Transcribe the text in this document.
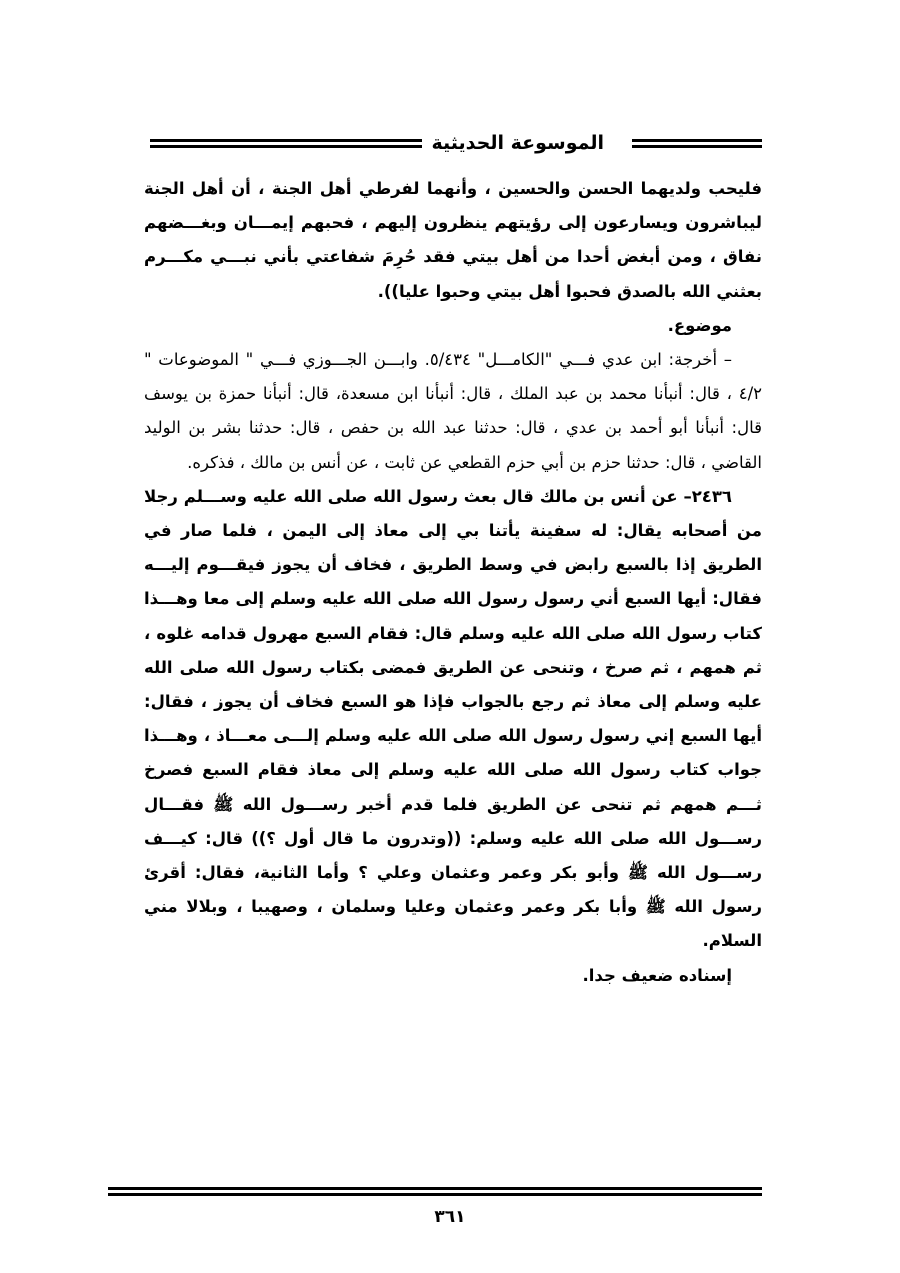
الموسوعة الحديثية

فليحب ولديهما الحسن والحسين ، وأنهما لفرطي أهل الجنة ، أن أهل الجنة ليباشرون ويسارعون إلى رؤيتهم ينظرون إليهم ، فحبهم إيمـــان وبغـــضهم نفاق ، ومن أبغض أحدا من أهل بيتي فقد حُرِمَ شفاعتي بأني نبـــي مكـــرم بعثني الله بالصدق فحبوا أهل بيتي وحبوا عليا)).

موضوع.

– أخرجة: ابن عدي فـــي "الكامـــل" ٥/٤٣٤. وابـــن الجـــوزي فـــي " الموضوعات " ٤/٢ ، قال: أنبأنا محمد بن عبد الملك ، قال: أنبأنا ابن مسعدة، قال: أنبأنا حمزة بن يوسف قال: أنبأنا أبو أحمد بن عدي ، قال: حدثنا عبد الله بن حفص ، قال: حدثنا بشر بن الوليد القاضي ، قال: حدثنا حزم بن أبي حزم القطعي عن ثابت ، عن أنس بن مالك ، فذكره.

٢٤٣٦– عن أنس بن مالك قال بعث رسول الله صلى الله عليه وســـلم رجلا من أصحابه يقال: له سفينة يأتنا بي إلى معاذ إلى اليمن ، فلما صار في الطريق إذا بالسبع رابض في وسط الطريق ، فخاف أن يجوز فيقـــوم إليـــه فقال: أيها السبع أني رسول رسول الله صلى الله عليه وسلم إلى معا وهـــذا كتاب رسول الله صلى الله عليه وسلم قال: فقام السبع مهرول قدامه غلوه ، ثم همهم ، ثم صرخ ، وتنحى عن الطريق فمضى بكتاب رسول الله صلى الله عليه وسلم إلى معاذ ثم رجع بالجواب فإذا هو السبع فخاف أن يجوز ، فقال: أيها السبع إني رسول رسول الله صلى الله عليه وسلم إلـــى معـــاذ ، وهـــذا جواب كتاب رسول الله صلى الله عليه وسلم إلى معاذ فقام السبع فصرخ ثـــم همهم ثم تنحى عن الطريق فلما قدم أخبر رســـول الله ﷺ فقـــال رســـول الله صلى الله عليه وسلم: ((وتدرون ما قال أول ؟)) قال: كيـــف رســـول الله ﷺ وأبو بكر وعمر وعثمان وعلي ؟ وأما الثانية، فقال: أقرئ رسول الله ﷺ وأبا بكر وعمر وعثمان وعليا وسلمان ، وصهيبا ، وبلالا مني السلام.

إسناده ضعيف جدا.

٣٦١
